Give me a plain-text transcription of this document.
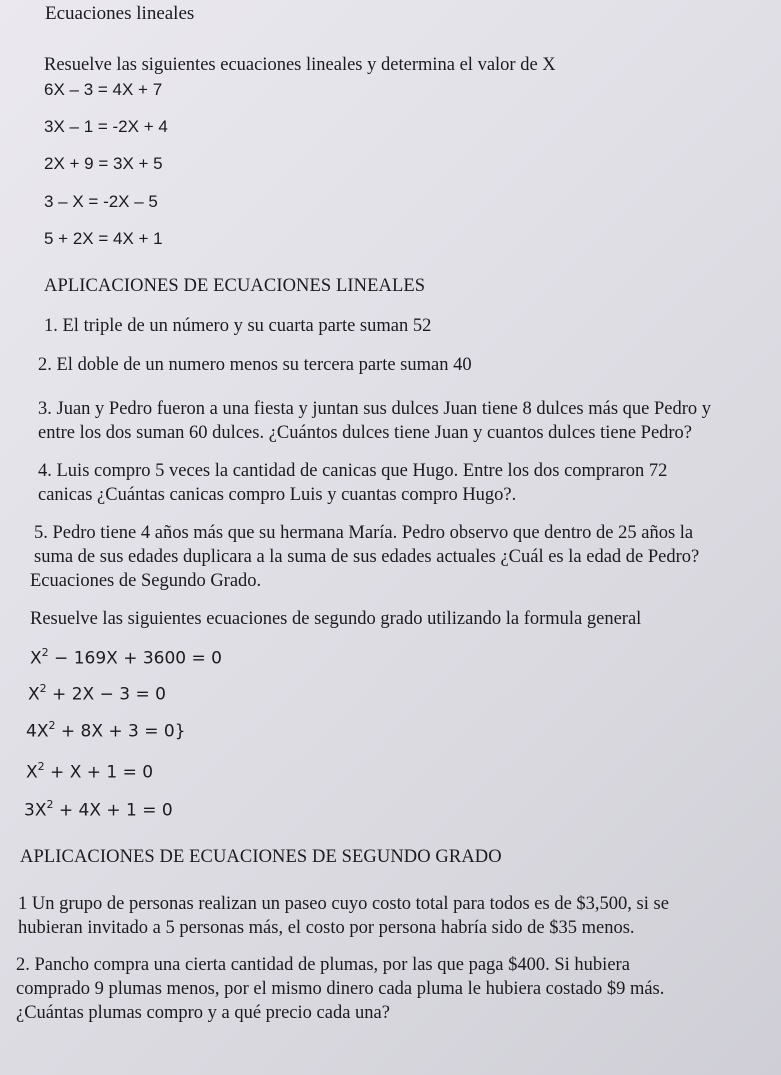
Ecuaciones lineales

Resuelve las siguientes ecuaciones lineales y determina el valor de X

6X – 3 = 4X + 7

3X – 1 = -2X + 4

2X + 9 = 3X + 5

3 – X = -2X – 5

5 + 2X = 4X + 1

APLICACIONES DE ECUACIONES LINEALES

1. El triple de un número y su cuarta parte suman 52

2. El doble de un numero menos su tercera parte suman 40

3. Juan y Pedro fueron a una fiesta y juntan sus dulces Juan tiene 8 dulces más que Pedro y
entre los dos suman 60 dulces. ¿Cuántos dulces tiene Juan y cuantos dulces tiene Pedro?
4. Luis compro 5 veces la cantidad de canicas que Hugo. Entre los dos compraron 72
canicas ¿Cuántas canicas compro Luis y cuantas compro Hugo?.
5. Pedro tiene 4 años más que su hermana María. Pedro observo que dentro de 25 años la
suma de sus edades duplicara a la suma de sus edades actuales ¿Cuál es la edad de Pedro?

Ecuaciones de Segundo Grado.

Resuelve las siguientes ecuaciones de segundo grado utilizando la formula general

$X^2 - 169X + 3600 = 0$

$X^2 + 2X - 3 = 0$

$4X^2 + 8X + 3 = 0$}

$X^2 + X + 1 = 0$

$3X^2 + 4X + 1 = 0$

APLICACIONES DE ECUACIONES DE SEGUNDO GRADO

1 Un grupo de personas realizan un paseo cuyo costo total para todos es de $3,500, si se
hubieran invitado a 5 personas más, el costo por persona habría sido de $35 menos.
2. Pancho compra una cierta cantidad de plumas, por las que paga $400. Si hubiera
comprado 9 plumas menos, por el mismo dinero cada pluma le hubiera costado $9 más.
¿Cuántas plumas compro y a qué precio cada una?
